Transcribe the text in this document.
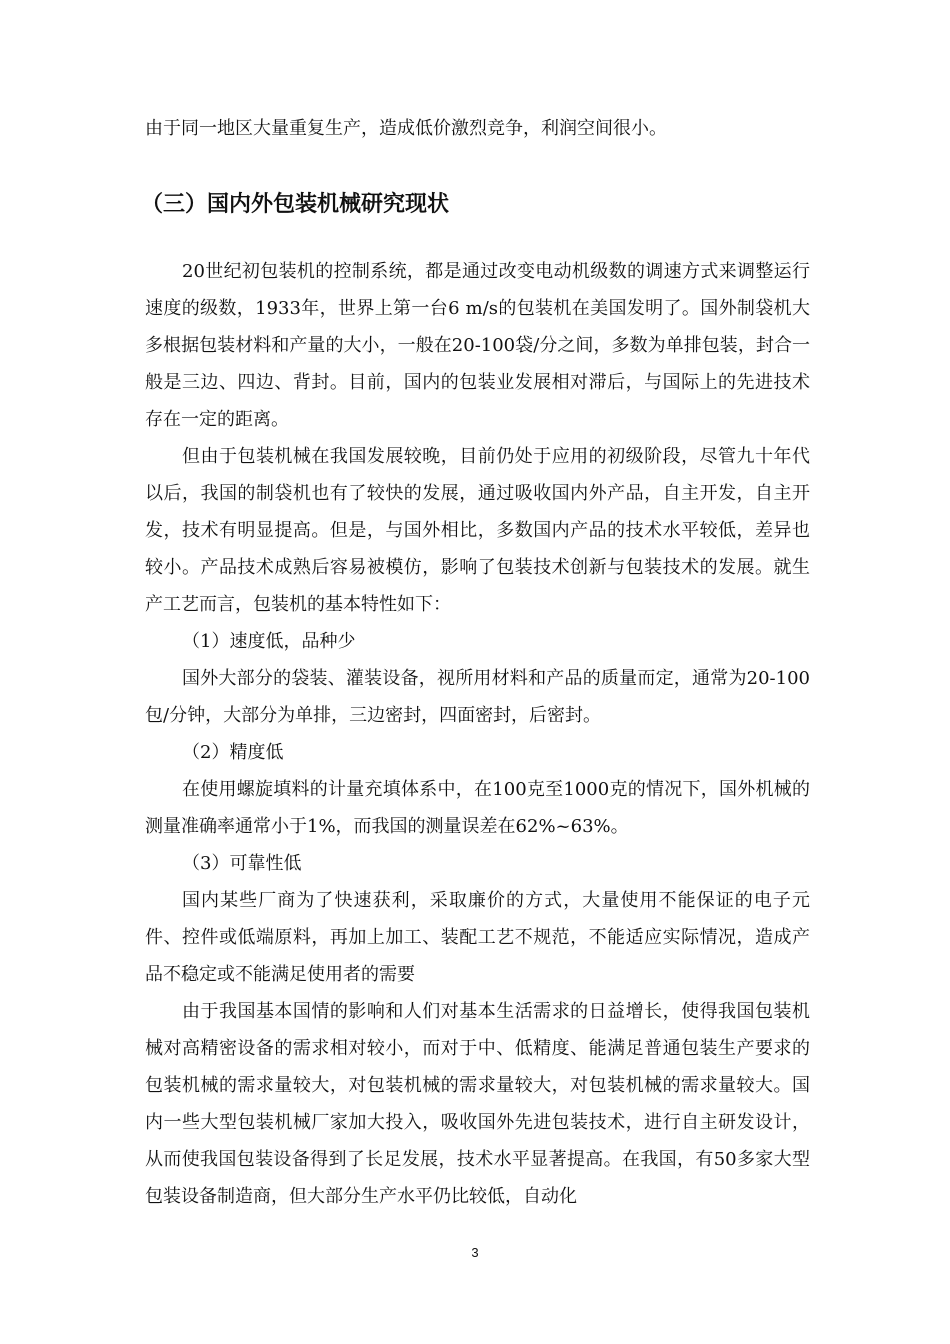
由于同一地区大量重复生产，造成低价激烈竞争，利润空间很小。

（三）国内外包装机械研究现状

20世纪初包装机的控制系统，都是通过改变电动机级数的调速方式来调整运行速度的级数，1933年，世界上第一台6 m/s的包装机在美国发明了。国外制袋机大多根据包装材料和产量的大小，一般在20-100袋/分之间，多数为单排包装，封合一般是三边、四边、背封。目前，国内的包装业发展相对滞后，与国际上的先进技术存在一定的距离。

但由于包装机械在我国发展较晚，目前仍处于应用的初级阶段，尽管九十年代以后，我国的制袋机也有了较快的发展，通过吸收国内外产品，自主开发，自主开发，技术有明显提高。但是，与国外相比，多数国内产品的技术水平较低，差异也较小。产品技术成熟后容易被模仿，影响了包装技术创新与包装技术的发展。就生产工艺而言，包装机的基本特性如下：

（1）速度低，品种少

国外大部分的袋装、灌装设备，视所用材料和产品的质量而定，通常为20-100包/分钟，大部分为单排，三边密封，四面密封，后密封。

（2）精度低

在使用螺旋填料的计量充填体系中，在100克至1000克的情况下，国外机械的测量准确率通常小于1%，而我国的测量误差在62%~63%。

（3）可靠性低

国内某些厂商为了快速获利，采取廉价的方式，大量使用不能保证的电子元件、控件或低端原料，再加上加工、装配工艺不规范，不能适应实际情况，造成产品不稳定或不能满足使用者的需要

由于我国基本国情的影响和人们对基本生活需求的日益增长，使得我国包装机械对高精密设备的需求相对较小，而对于中、低精度、能满足普通包装生产要求的包装机械的需求量较大，对包装机械的需求量较大，对包装机械的需求量较大。国内一些大型包装机械厂家加大投入，吸收国外先进包装技术，进行自主研发设计，从而使我国包装设备得到了长足发展，技术水平显著提高。在我国，有50多家大型包装设备制造商，但大部分生产水平仍比较低，自动化

3
